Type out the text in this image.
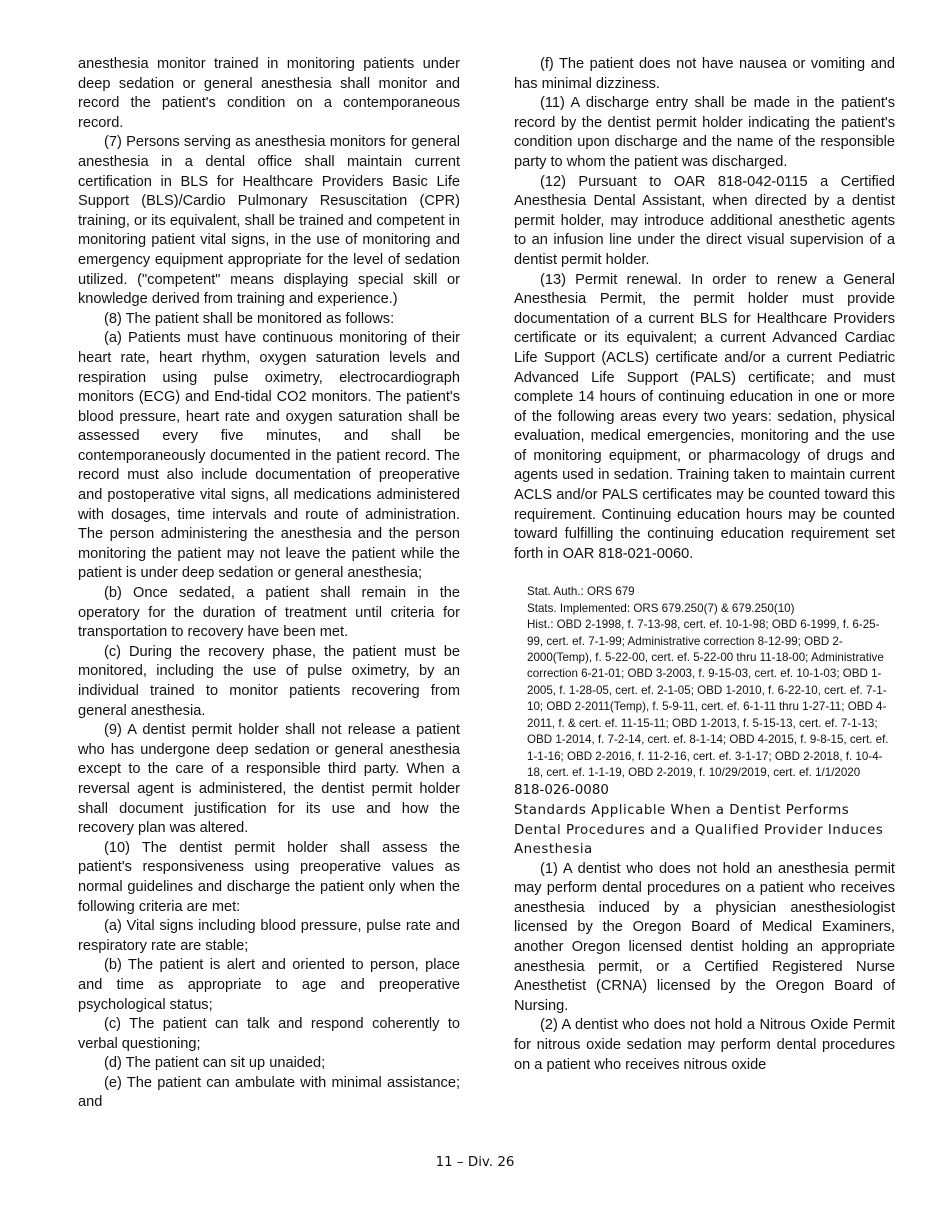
anesthesia monitor trained in monitoring patients under deep sedation or general anesthesia shall monitor and record the patient's condition on a contemporaneous record.

(7) Persons serving as anesthesia monitors for general anesthesia in a dental office shall maintain current certification in BLS for Healthcare Providers Basic Life Support (BLS)/Cardio Pulmonary Resuscitation (CPR) training, or its equivalent, shall be trained and competent in monitoring patient vital signs, in the use of monitoring and emergency equipment appropriate for the level of sedation utilized. ("competent" means displaying special skill or knowledge derived from training and experience.)

(8) The patient shall be monitored as follows:

(a) Patients must have continuous monitoring of their heart rate, heart rhythm, oxygen saturation levels and respiration using pulse oximetry, electrocardiograph monitors (ECG) and End-tidal CO2 monitors. The patient's blood pressure, heart rate and oxygen saturation shall be assessed every five minutes, and shall be contemporaneously documented in the patient record. The record must also include documentation of preoperative and postoperative vital signs, all medications administered with dosages, time intervals and route of administration. The person administering the anesthesia and the person monitoring the patient may not leave the patient while the patient is under deep sedation or general anesthesia;

(b) Once sedated, a patient shall remain in the operatory for the duration of treatment until criteria for transportation to recovery have been met.

(c) During the recovery phase, the patient must be monitored, including the use of pulse oximetry, by an individual trained to monitor patients recovering from general anesthesia.

(9) A dentist permit holder shall not release a patient who has undergone deep sedation or general anesthesia except to the care of a responsible third party. When a reversal agent is administered, the dentist permit holder shall document justification for its use and how the recovery plan was altered.

(10) The dentist permit holder shall assess the patient's responsiveness using preoperative values as normal guidelines and discharge the patient only when the following criteria are met:

(a) Vital signs including blood pressure, pulse rate and respiratory rate are stable;

(b) The patient is alert and oriented to person, place and time as appropriate to age and preoperative psychological status;

(c) The patient can talk and respond coherently to verbal questioning;

(d) The patient can sit up unaided;

(e) The patient can ambulate with minimal assistance; and

(f) The patient does not have nausea or vomiting and has minimal dizziness.

(11) A discharge entry shall be made in the patient's record by the dentist permit holder indicating the patient's condition upon discharge and the name of the responsible party to whom the patient was discharged.

(12) Pursuant to OAR 818-042-0115 a Certified Anesthesia Dental Assistant, when directed by a dentist permit holder, may introduce additional anesthetic agents to an infusion line under the direct visual supervision of a dentist permit holder.

(13) Permit renewal. In order to renew a General Anesthesia Permit, the permit holder must provide documentation of a current BLS for Healthcare Providers certificate or its equivalent; a current Advanced Cardiac Life Support (ACLS) certificate and/or a current Pediatric Advanced Life Support (PALS) certificate; and must complete 14 hours of continuing education in one or more of the following areas every two years: sedation, physical evaluation, medical emergencies, monitoring and the use of monitoring equipment, or pharmacology of drugs and agents used in sedation. Training taken to maintain current ACLS and/or PALS certificates may be counted toward this requirement. Continuing education hours may be counted toward fulfilling the continuing education requirement set forth in OAR 818-021-0060.

Stat. Auth.: ORS 679

Stats. Implemented: ORS 679.250(7) & 679.250(10)

Hist.: OBD 2-1998, f. 7-13-98, cert. ef. 10-1-98; OBD 6-1999, f. 6-25-99, cert. ef. 7-1-99; Administrative correction 8-12-99; OBD 2-2000(Temp), f. 5-22-00, cert. ef. 5-22-00 thru 11-18-00; Administrative correction 6-21-01; OBD 3-2003, f. 9-15-03, cert. ef. 10-1-03; OBD 1-2005, f. 1-28-05, cert. ef. 2-1-05; OBD 1-2010, f. 6-22-10, cert. ef. 7-1-10; OBD 2-2011(Temp), f. 5-9-11, cert. ef. 6-1-11 thru 1-27-11; OBD 4-2011, f. & cert. ef. 11-15-11; OBD 1-2013, f. 5-15-13, cert. ef. 7-1-13; OBD 1-2014, f. 7-2-14, cert. ef. 8-1-14; OBD 4-2015, f. 9-8-15, cert. ef. 1-1-16; OBD 2-2016, f. 11-2-16, cert. ef. 3-1-17; OBD 2-2018, f. 10-4-18, cert. ef. 1-1-19, OBD 2-2019, f. 10/29/2019, cert. ef. 1/1/2020

818-026-0080

Standards Applicable When a Dentist Performs Dental Procedures and a Qualified Provider Induces Anesthesia

(1) A dentist who does not hold an anesthesia permit may perform dental procedures on a patient who receives anesthesia induced by a physician anesthesiologist licensed by the Oregon Board of Medical Examiners, another Oregon licensed dentist holding an appropriate anesthesia permit, or a Certified Registered Nurse Anesthetist (CRNA) licensed by the Oregon Board of Nursing.

(2) A dentist who does not hold a Nitrous Oxide Permit for nitrous oxide sedation may perform dental procedures on a patient who receives nitrous oxide

11 – Div. 26
